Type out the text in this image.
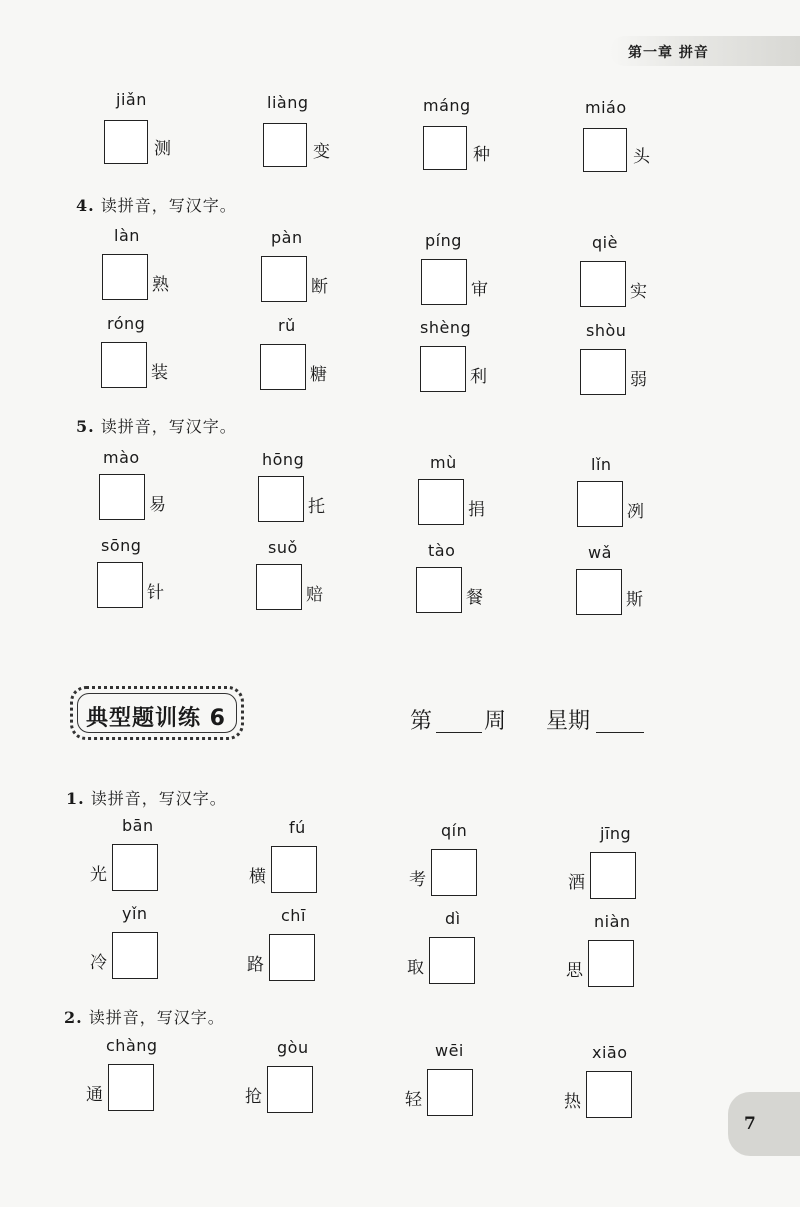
第一章 拼音
jiǎn
测
liàng
变
máng
种
miáo
头
4. 读拼音，写汉字。
làn
熟
pàn
断
píng
审
qiè
实
róng
装
rǔ
糖
shèng
利
shòu
弱
5. 读拼音，写汉字。
mào
易
hōng
托
mù
捐
lǐn
冽
sōng
针
suǒ
赔
tào
餐
wǎ
斯
典型题训练 6	第 周 星期
1. 读拼音，写汉字。
bān
光
fú
横
qín
考
jīng
酒
yǐn
冷
chī
路
dì
取
niàn
思
2. 读拼音，写汉字。
chàng
通
gòu
抢
wēi
轻
xiāo
热
7
